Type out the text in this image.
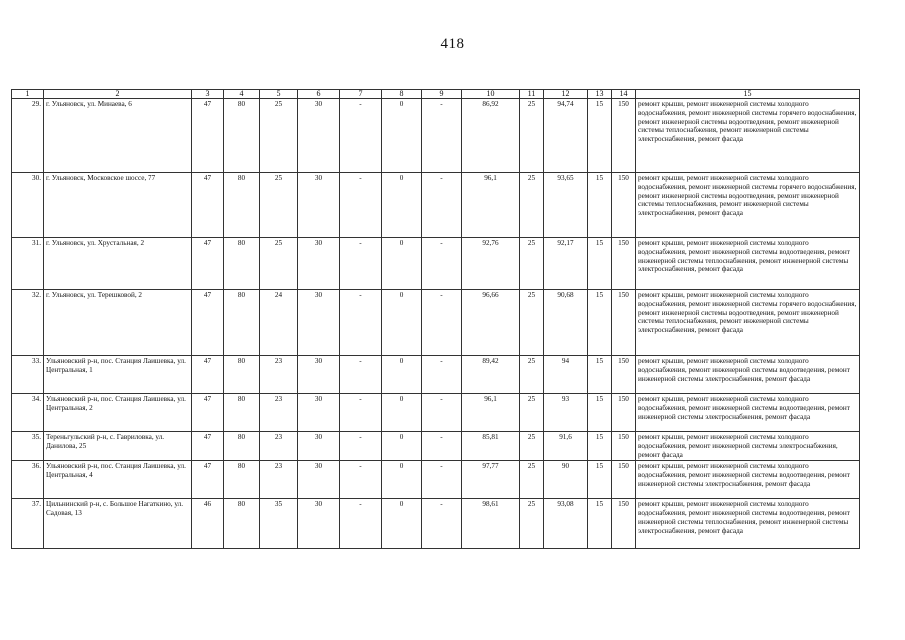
418
1	2	3	4	5	6	7	8	9	10	11	12	13	14	15
29.	г. Ульяновск, ул. Минаева, 6	47	80	25	30	-	0	-	86,92	25	94,74	15	150	ремонт крыши, ремонт инженерной системы холодного водоснабжения, ремонт инженерной системы горячего водоснабжения, ремонт инженерной системы водоотведения, ремонт инженерной системы теплоснабжения, ремонт инженерной системы электроснабжения, ремонт фасада
30.	г. Ульяновск, Московское шоссе, 77	47	80	25	30	-	0	-	96,1	25	93,65	15	150	ремонт крыши, ремонт инженерной системы холодного водоснабжения, ремонт инженерной системы горячего водоснабжения, ремонт инженерной системы водоотведения, ремонт инженерной системы теплоснабжения, ремонт инженерной системы электроснабжения, ремонт фасада
31.	г. Ульяновск, ул. Хрустальная, 2	47	80	25	30	-	0	-	92,76	25	92,17	15	150	ремонт крыши, ремонт инженерной системы холодного водоснабжения, ремонт инженерной системы водоотведения, ремонт инженерной системы теплоснабжения, ремонт инженерной системы электроснабжения, ремонт фасада
32.	г. Ульяновск, ул. Терешковой, 2	47	80	24	30	-	0	-	96,66	25	90,68	15	150	ремонт крыши, ремонт инженерной системы холодного водоснабжения, ремонт инженерной системы горячего водоснабжения, ремонт инженерной системы водоотведения, ремонт инженерной системы теплоснабжения, ремонт инженерной системы электроснабжения, ремонт фасада
33.	Ульяновский р-н, пос. Станция Лаишевка, ул. Центральная, 1	47	80	23	30	-	0	-	89,42	25	94	15	150	ремонт крыши, ремонт инженерной системы холодного водоснабжения, ремонт инженерной системы водоотведения, ремонт инженерной системы электроснабжения, ремонт фасада
34.	Ульяновский р-н, пос. Станция Лаишевка, ул. Центральная, 2	47	80	23	30	-	0	-	96,1	25	93	15	150	ремонт крыши, ремонт инженерной системы холодного водоснабжения, ремонт инженерной системы водоотведения, ремонт инженерной системы электроснабжения, ремонт фасада
35.	Тереньгульский р-н, с. Гавриловка, ул. Данилова, 25	47	80	23	30	-	0	-	85,81	25	91,6	15	150	ремонт крыши, ремонт инженерной системы холодного водоснабжения, ремонт инженерной системы электроснабжения, ремонт фасада
36.	Ульяновский р-н, пос. Станция Лаишевка, ул. Центральная, 4	47	80	23	30	-	0	-	97,77	25	90	15	150	ремонт крыши, ремонт инженерной системы холодного водоснабжения, ремонт инженерной системы водоотведения, ремонт инженерной системы электроснабжения, ремонт фасада
37.	Цильнинский р-н, с. Большое Нагаткино, ул. Садовая, 13	46	80	35	30	-	0	-	98,61	25	93,08	15	150	ремонт крыши, ремонт инженерной системы холодного водоснабжения, ремонт инженерной системы водоотведения, ремонт инженерной системы теплоснабжения, ремонт инженерной системы электроснабжения, ремонт фасада
